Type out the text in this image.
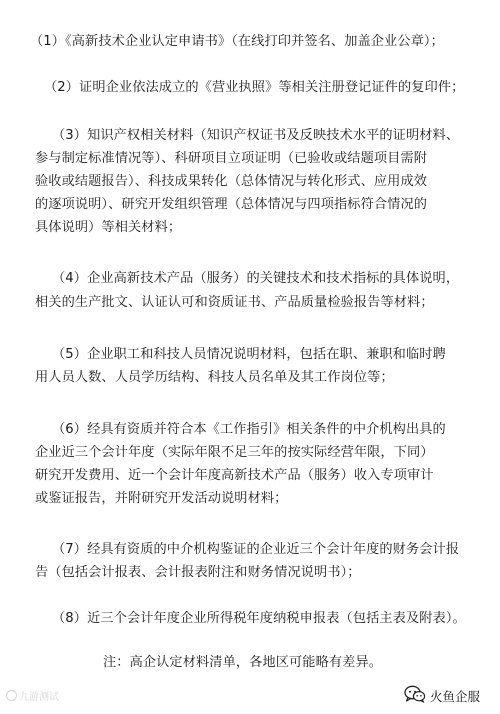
（1）《高新技术企业认定申请书》（在线打印并签名、加盖企业公章）；
（2）证明企业依法成立的《营业执照》等相关注册登记证件的复印件；
（3）知识产权相关材料（知识产权证书及反映技术水平的证明材料、
参与制定标准情况等）、科研项目立项证明（已验收或结题项目需附
验收或结题报告）、科技成果转化（总体情况与转化形式、应用成效
的逐项说明）、研究开发组织管理（总体情况与四项指标符合情况的
具体说明）等相关材料；
（4）企业高新技术产品（服务）的关键技术和技术指标的具体说明，
相关的生产批文、认证认可和资质证书、产品质量检验报告等材料；
（5）企业职工和科技人员情况说明材料，包括在职、兼职和临时聘
用人员人数、人员学历结构、科技人员名单及其工作岗位等；
（6）经具有资质并符合本《工作指引》相关条件的中介机构出具的
企业近三个会计年度（实际年限不足三年的按实际经营年限，下同）
研究开发费用、近一个会计年度高新技术产品（服务）收入专项审计
或鉴证报告，并附研究开发活动说明材料；
（7）经具有资质的中介机构鉴证的企业近三个会计年度的财务会计报
告（包括会计报表、会计报表附注和财务情况说明书）；
（8）近三个会计年度企业所得税年度纳税申报表（包括主表及附表）。
注：高企认定材料清单，各地区可能略有差异。
九游测试	火鱼企服
